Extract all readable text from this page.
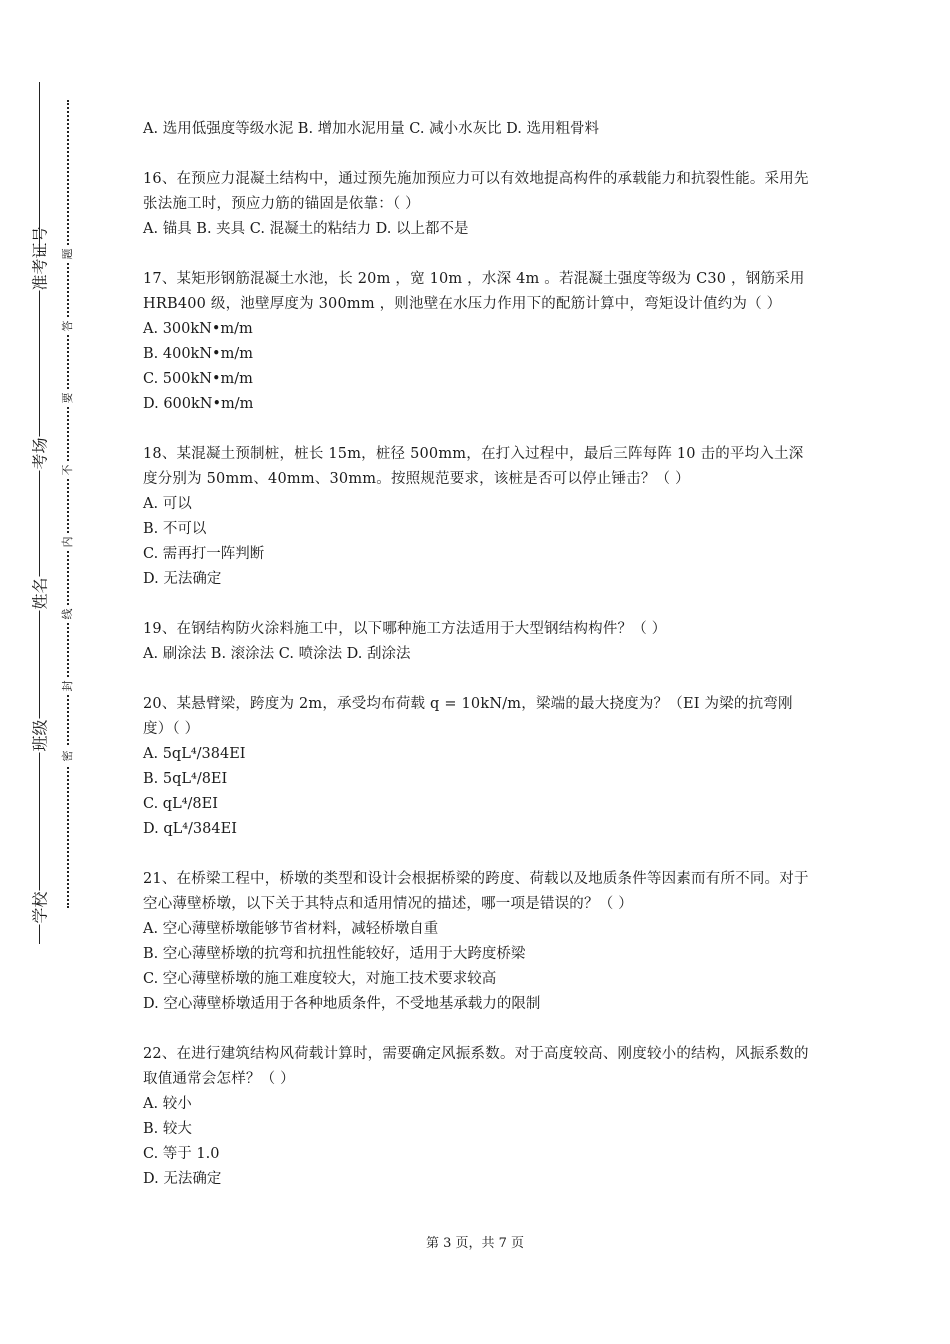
准考证号
考场
姓名
班级
学校
题
答
要
不
内
线
封
密

A. 选用低强度等级水泥 B. 增加水泥用量 C. 减小水灰比 D. 选用粗骨料

16、在预应力混凝土结构中，通过预先施加预应力可以有效地提高构件的承载能力和抗裂性能。采用先张法施工时，预应力筋的锚固是依靠：（ ）

A. 锚具 B. 夹具 C. 混凝土的粘结力 D. 以上都不是

17、某矩形钢筋混凝土水池，长 20m ，宽 10m ，水深 4m 。若混凝土强度等级为 C30 ，钢筋采用 HRB400 级，池壁厚度为 300mm ，则池壁在水压力作用下的配筋计算中，弯矩设计值约为（ ）

A. 300kN•m/m

B. 400kN•m/m

C. 500kN•m/m

D. 600kN•m/m

18、某混凝土预制桩，桩长 15m，桩径 500mm，在打入过程中，最后三阵每阵 10 击的平均入土深度分别为 50mm、40mm、30mm。按照规范要求，该桩是否可以停止锤击？（ ）

A. 可以

B. 不可以

C. 需再打一阵判断

D. 无法确定

19、在钢结构防火涂料施工中，以下哪种施工方法适用于大型钢结构构件？（ ）

A. 刷涂法 B. 滚涂法 C. 喷涂法 D. 刮涂法

20、某悬臂梁，跨度为 2m，承受均布荷载 q = 10kN/m，梁端的最大挠度为？（EI 为梁的抗弯刚度）（ ）

A. 5qL⁴/384EI

B. 5qL⁴/8EI

C. qL⁴/8EI

D. qL⁴/384EI

21、在桥梁工程中，桥墩的类型和设计会根据桥梁的跨度、荷载以及地质条件等因素而有所不同。对于空心薄壁桥墩，以下关于其特点和适用情况的描述，哪一项是错误的？（ ）

A. 空心薄壁桥墩能够节省材料，减轻桥墩自重

B. 空心薄壁桥墩的抗弯和抗扭性能较好，适用于大跨度桥梁

C. 空心薄壁桥墩的施工难度较大，对施工技术要求较高

D. 空心薄壁桥墩适用于各种地质条件，不受地基承载力的限制

22、在进行建筑结构风荷载计算时，需要确定风振系数。对于高度较高、刚度较小的结构，风振系数的取值通常会怎样？（ ）

A. 较小

B. 较大

C. 等于 1.0

D. 无法确定

第 3 页，共 7 页
